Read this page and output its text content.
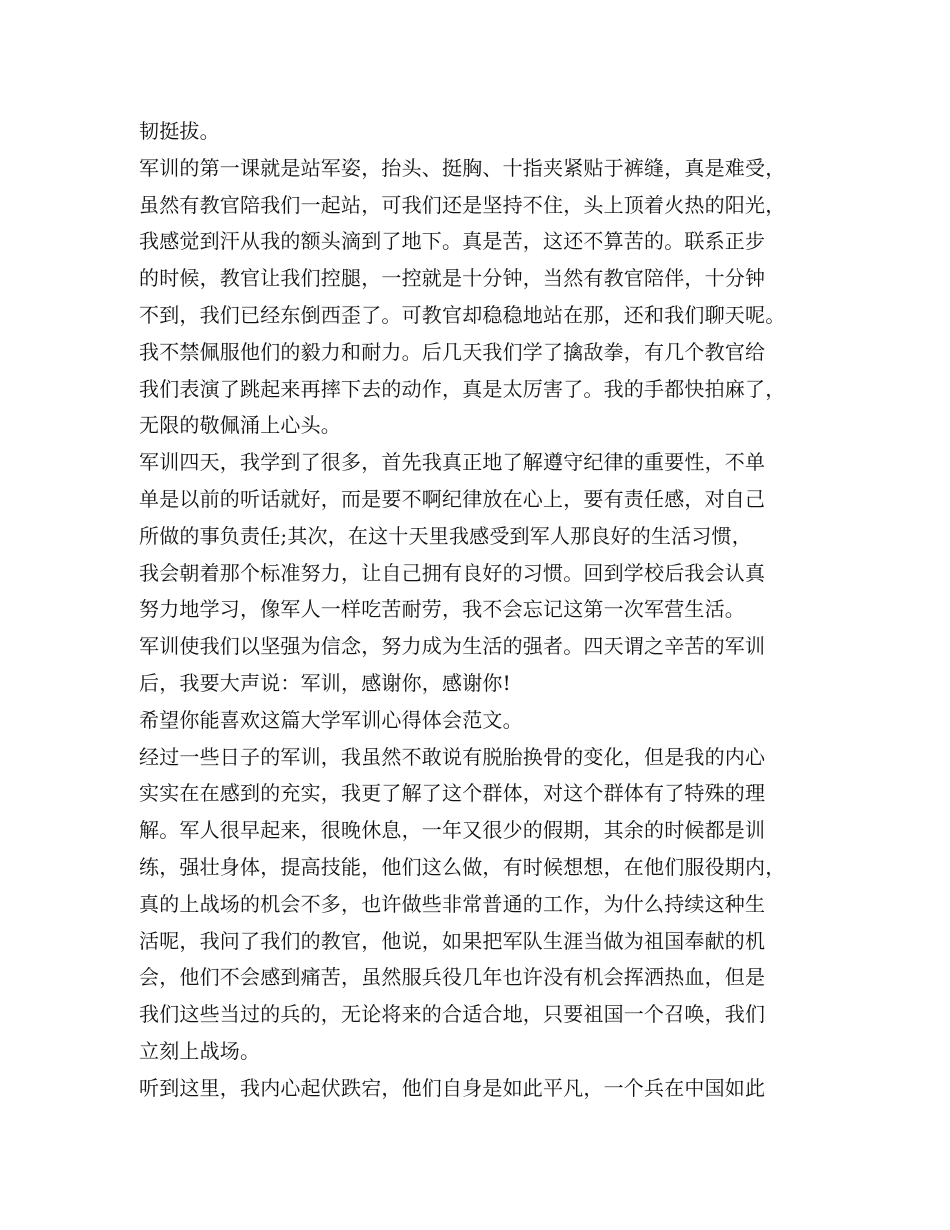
韧挺拔。
军训的第一课就是站军姿，抬头、挺胸、十指夹紧贴于裤缝，真是难受，
虽然有教官陪我们一起站，可我们还是坚持不住，头上顶着火热的阳光，
我感觉到汗从我的额头滴到了地下。真是苦，这还不算苦的。联系正步
的时候，教官让我们控腿，一控就是十分钟，当然有教官陪伴，十分钟
不到，我们已经东倒西歪了。可教官却稳稳地站在那，还和我们聊天呢。
我不禁佩服他们的毅力和耐力。后几天我们学了擒敌拳，有几个教官给
我们表演了跳起来再摔下去的动作，真是太厉害了。我的手都快拍麻了，
无限的敬佩涌上心头。
军训四天，我学到了很多，首先我真正地了解遵守纪律的重要性，不单
单是以前的听话就好，而是要不啊纪律放在心上，要有责任感，对自己
所做的事负责任;其次，在这十天里我感受到军人那良好的生活习惯，
我会朝着那个标准努力，让自己拥有良好的习惯。回到学校后我会认真
努力地学习，像军人一样吃苦耐劳，我不会忘记这第一次军营生活。
军训使我们以坚强为信念，努力成为生活的强者。四天谓之辛苦的军训
后，我要大声说：军训，感谢你，感谢你!
希望你能喜欢这篇大学军训心得体会范文。
经过一些日子的军训，我虽然不敢说有脱胎换骨的变化，但是我的内心
实实在在感到的充实，我更了解了这个群体，对这个群体有了特殊的理
解。军人很早起来，很晚休息，一年又很少的假期，其余的时候都是训
练，强壮身体，提高技能，他们这么做，有时候想想，在他们服役期内，
真的上战场的机会不多，也许做些非常普通的工作，为什么持续这种生
活呢，我问了我们的教官，他说，如果把军队生涯当做为祖国奉献的机
会，他们不会感到痛苦，虽然服兵役几年也许没有机会挥洒热血，但是
我们这些当过的兵的，无论将来的合适合地，只要祖国一个召唤，我们
立刻上战场。
听到这里，我内心起伏跌宕，他们自身是如此平凡，一个兵在中国如此
